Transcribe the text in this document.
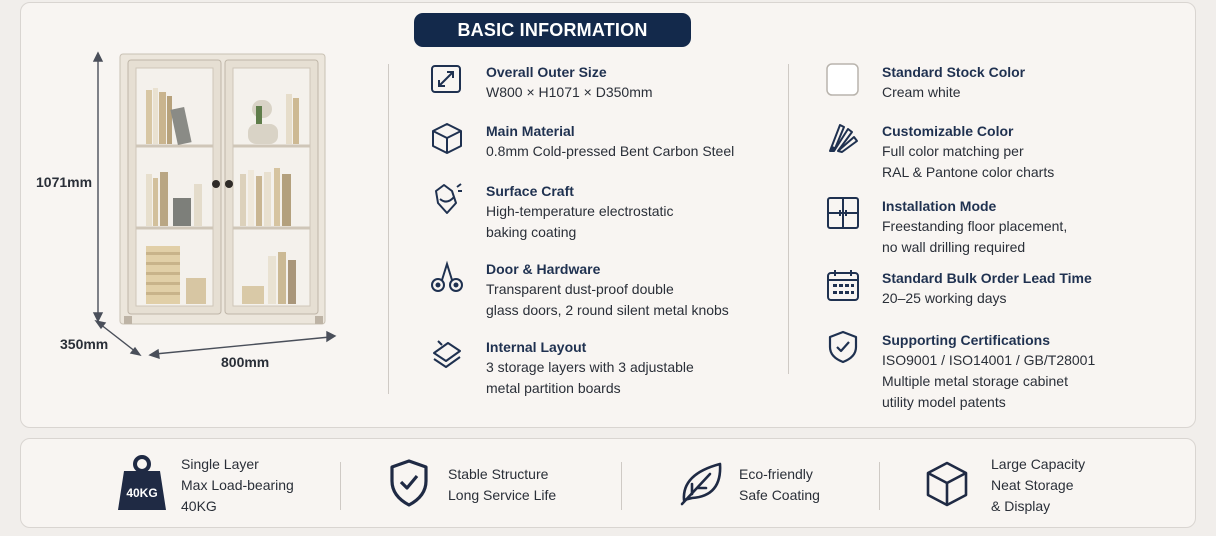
BASIC INFORMATION
1071mm
350mm
800mm
Overall Outer Size
W800 × H1071 × D350mm
Main Material
0.8mm Cold-pressed Bent Carbon Steel
Surface Craft
High-temperature electrostatic
baking coating
Door & Hardware
Transparent dust-proof double
glass doors, 2 round silent metal knobs
Internal Layout
3 storage layers with 3 adjustable
metal partition boards
Standard Stock Color
Cream white
Customizable Color
Full color matching per
RAL & Pantone color charts
Installation Mode
Freestanding floor placement,
no wall drilling required
Standard Bulk Order Lead Time
20–25 working days
Supporting Certifications
ISO9001 / ISO14001 / GB/T28001
Multiple metal storage cabinet
utility model patents
40KG
Single Layer
Max Load-bearing
40KG
Stable Structure
Long Service Life
Eco-friendly
Safe Coating
Large Capacity
Neat Storage
& Display
